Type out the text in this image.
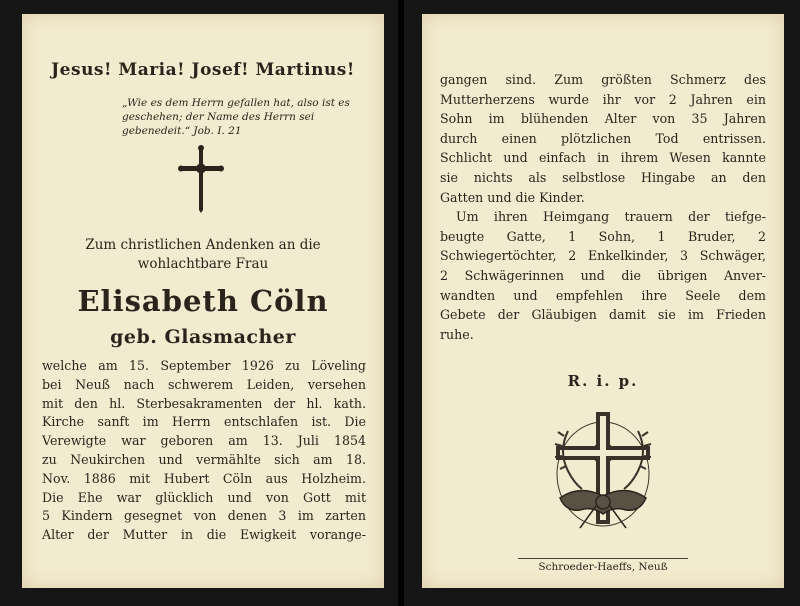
Jesus! Maria! Josef! Martinus!
„Wie es dem Herrn gefallen hat, also ist es geschehen; der Name des Herrn sei gebenedeit.“ Job. I. 21
Zum christlichen Andenken an die
wohlachtbare Frau
Elisabeth Cöln
geb. Glasmacher

welche am 15. September 1926 zu Löveling
bei Neuß nach schwerem Leiden, versehen
mit den hl. Sterbesakramenten der hl. kath.
Kirche sanft im Herrn entschlafen ist. Die
Verewigte war geboren am 13. Juli 1854
zu Neukirchen und vermählte sich am 18.
Nov. 1886 mit Hubert Cöln aus Holzheim.
Die Ehe war glücklich und von Gott mit
5 Kindern gesegnet von denen 3 im zarten
Alter der Mutter in die Ewigkeit vorange-

gangen sind. Zum größten Schmerz des
Mutterherzens wurde ihr vor 2 Jahren ein
Sohn im blühenden Alter von 35 Jahren
durch einen plötzlichen Tod entrissen.
Schlicht und einfach in ihrem Wesen kannte
sie nichts als selbstlose Hingabe an den
Gatten und die Kinder.
Um ihren Heimgang trauern der tiefge-
beugte Gatte, 1 Sohn, 1 Bruder, 2
Schwiegertöchter, 2 Enkelkinder, 3 Schwäger,
2 Schwägerinnen und die übrigen Anver-
wandten und empfehlen ihre Seele dem
Gebete der Gläubigen damit sie im Frieden
ruhe.

R. i. p.
Schroeder-Haeffs, Neuß
